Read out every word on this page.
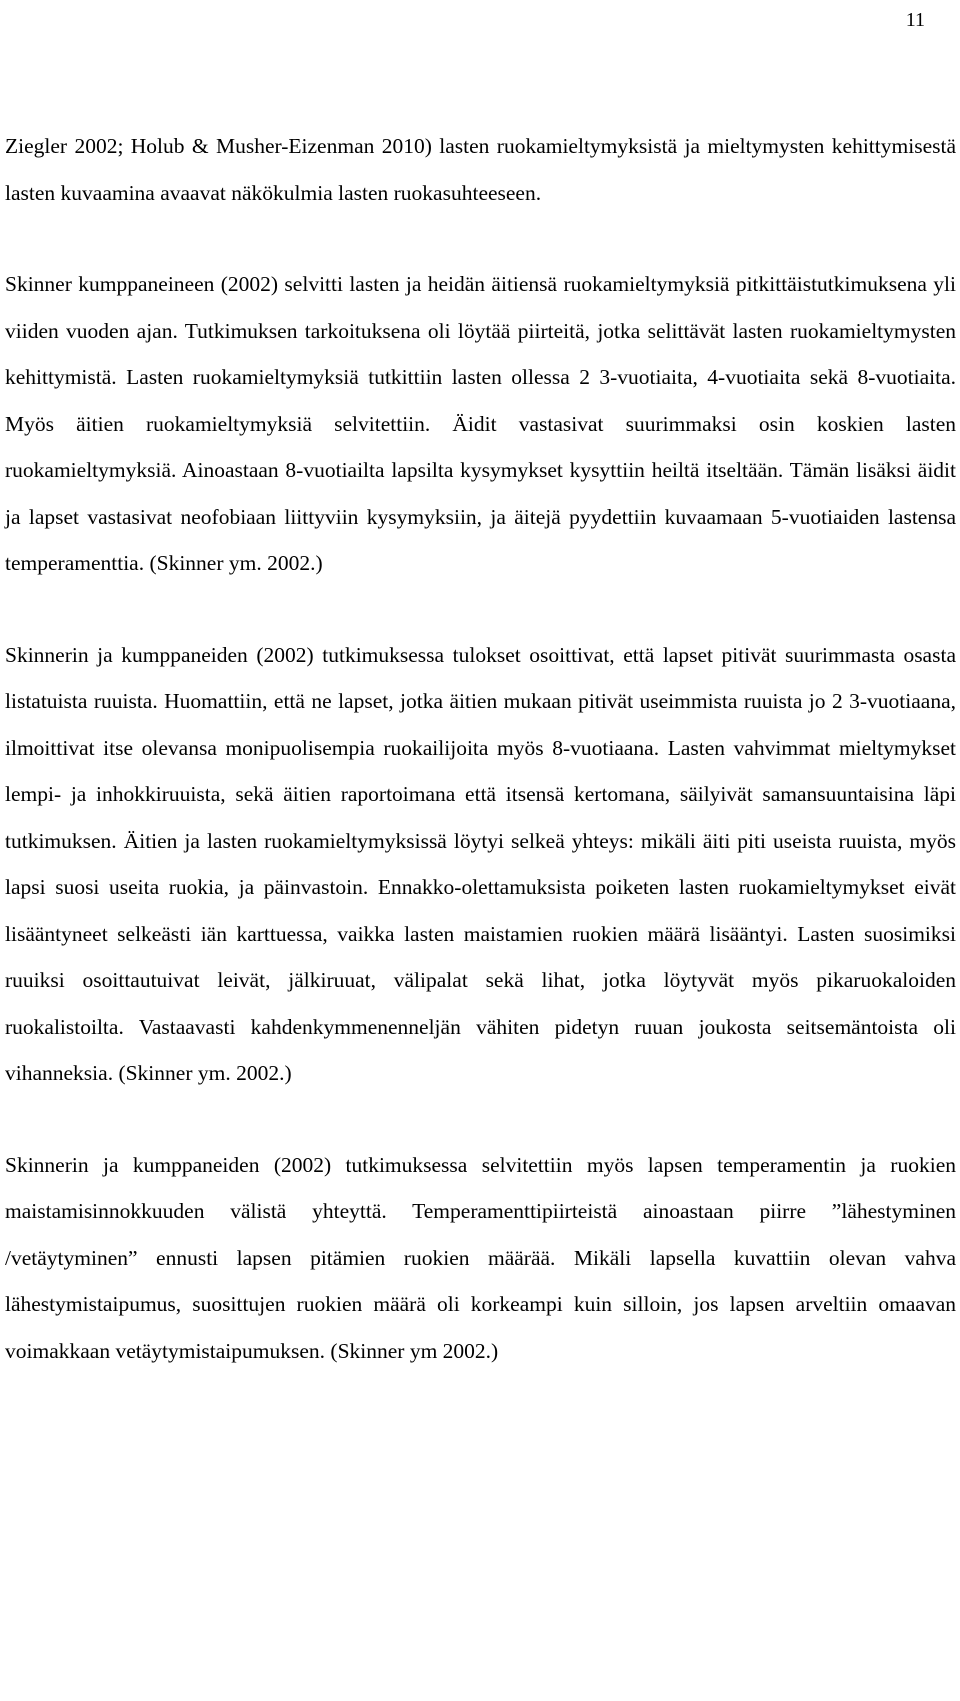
11

Ziegler 2002; Holub & Musher-Eizenman 2010) lasten ruokamieltymyksistä ja mieltymysten kehittymisestä lasten kuvaamina avaavat näkökulmia lasten ruokasuhteeseen.

Skinner kumppaneineen (2002) selvitti lasten ja heidän äitiensä ruokamieltymyksiä pitkittäistutkimuksena yli viiden vuoden ajan. Tutkimuksen tarkoituksena oli löytää piirteitä, jotka selittävät lasten ruokamieltymysten kehittymistä. Lasten ruokamieltymyksiä tutkittiin lasten ollessa 2 3-vuotiaita, 4-vuotiaita sekä 8-vuotiaita. Myös äitien ruokamieltymyksiä selvitettiin. Äidit vastasivat suurimmaksi osin koskien lasten ruokamieltymyksiä. Ainoastaan 8-vuotiailta lapsilta kysymykset kysyttiin heiltä itseltään. Tämän lisäksi äidit ja lapset vastasivat neofobiaan liittyviin kysymyksiin, ja äitejä pyydettiin kuvaamaan 5-vuotiaiden lastensa temperamenttia. (Skinner ym. 2002.)

Skinnerin ja kumppaneiden (2002) tutkimuksessa tulokset osoittivat, että lapset pitivät suurimmasta osasta listatuista ruuista. Huomattiin, että ne lapset, jotka äitien mukaan pitivät useimmista ruuista jo 2 3-vuotiaana, ilmoittivat itse olevansa monipuolisempia ruokailijoita myös 8-vuotiaana. Lasten vahvimmat mieltymykset lempi- ja inhokkiruuista, sekä äitien raportoimana että itsensä kertomana, säilyivät samansuuntaisina läpi tutkimuksen. Äitien ja lasten ruokamieltymyksissä löytyi selkeä yhteys: mikäli äiti piti useista ruuista, myös lapsi suosi useita ruokia, ja päinvastoin. Ennakko-olettamuksista poiketen lasten ruokamieltymykset eivät lisääntyneet selkeästi iän karttuessa, vaikka lasten maistamien ruokien määrä lisääntyi. Lasten suosimiksi ruuiksi osoittautuivat leivät, jälkiruuat, välipalat sekä lihat, jotka löytyvät myös pikaruokaloiden ruokalistoilta. Vastaavasti kahdenkymmenenneljän vähiten pidetyn ruuan joukosta seitsemäntoista oli vihanneksia. (Skinner ym. 2002.)

Skinnerin ja kumppaneiden (2002) tutkimuksessa selvitettiin myös lapsen temperamentin ja ruokien maistamisinnokkuuden välistä yhteyttä. Temperamenttipiirteistä ainoastaan piirre ”lähestyminen /vetäytyminen” ennusti lapsen pitämien ruokien määrää. Mikäli lapsella kuvattiin olevan vahva lähestymistaipumus, suosittujen ruokien määrä oli korkeampi kuin silloin, jos lapsen arveltiin omaavan voimakkaan vetäytymistaipumuksen. (Skinner ym 2002.)
